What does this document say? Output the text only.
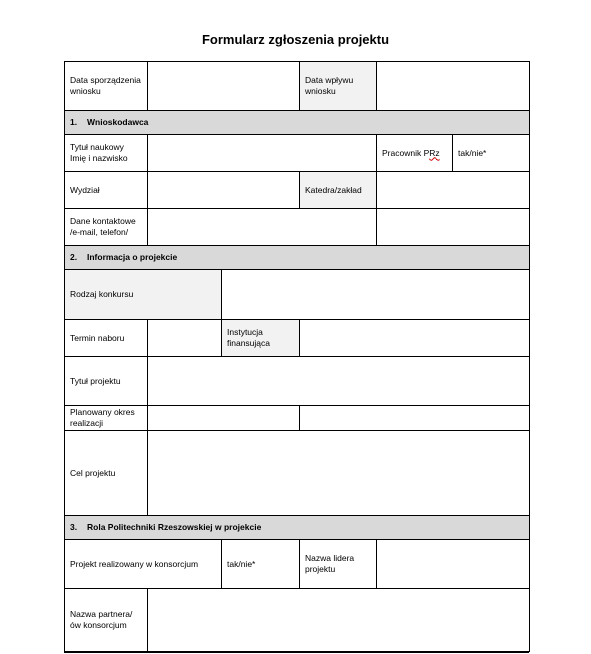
Formularz zgłoszenia projektu
Data sporządzenia wniosku			Data wpływu wniosku		
1. Wnioskodawca					
Tytuł naukowy Imię i nazwisko				Pracownik PRz	tak/nie*
Wydział			Katedra/zakład		
Dane kontaktowe /e-mail, telefon/					
2. Informacja o projekcie					
Rodzaj konkursu					
Termin naboru		Instytucja finansująca			
Tytuł projektu					
Planowany okres realizacji					
Cel projektu					
3. Rola Politechniki Rzeszowskiej w projekcie					
Projekt realizowany w konsorcjum		tak/nie*	Nazwa lidera projektu		
Nazwa partnera/ów konsorcjum					
